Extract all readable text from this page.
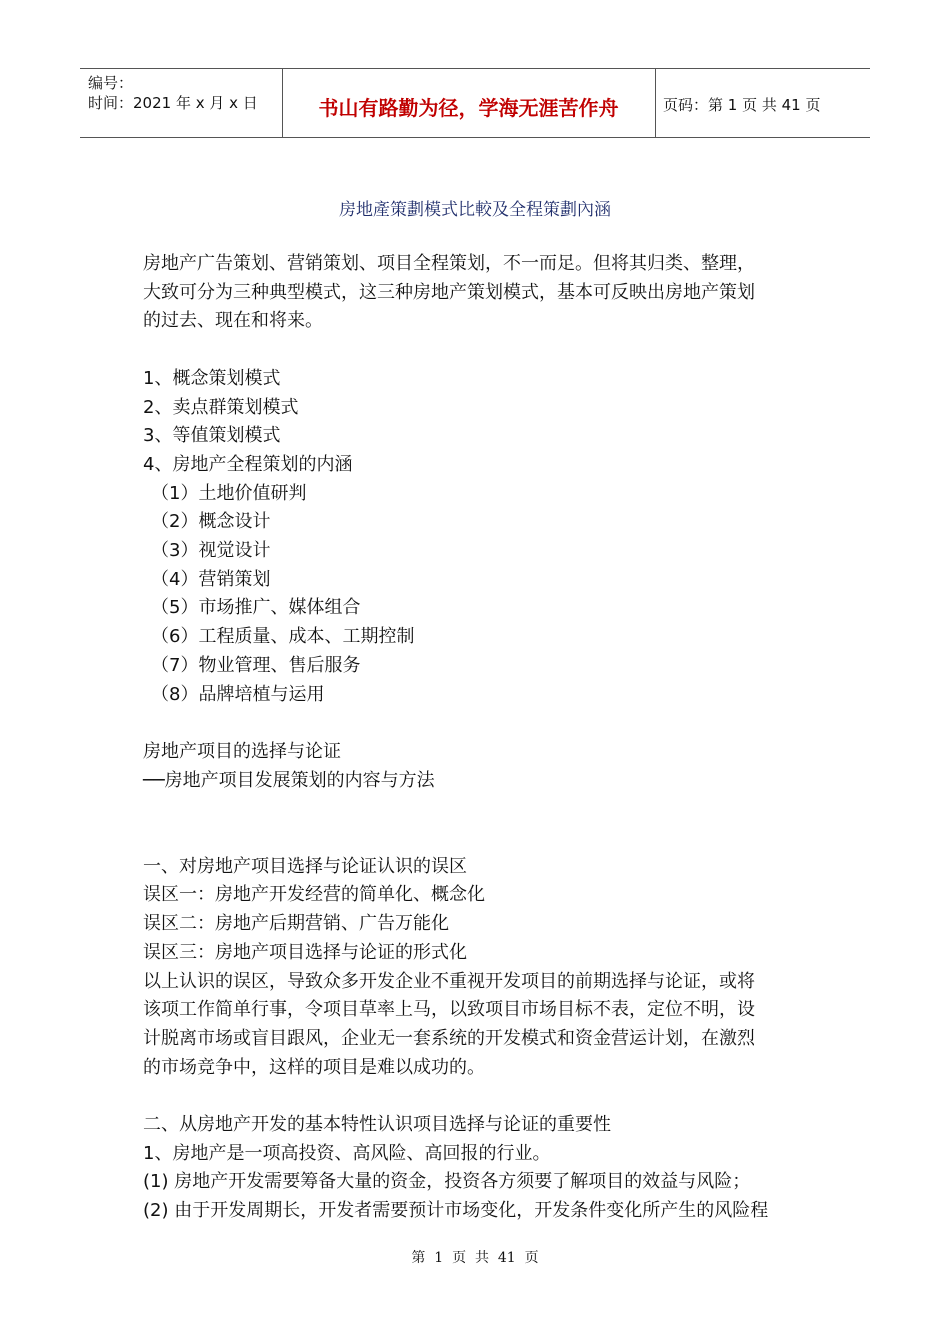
编号：
时间：2021 年 x 月 x 日	书山有路勤为径，学海无涯苦作舟	页码：第 1 页 共 41 页
房地產策劃模式比較及全程策劃內涵

房地产广告策划、营销策划、项目全程策划，不一而足。但将其归类、整理，

大致可分为三种典型模式，这三种房地产策划模式，基本可反映出房地产策划

的过去、现在和将来。

1、概念策划模式

2、卖点群策划模式

3、等值策划模式

4、房地产全程策划的内涵

（1）土地价值研判

（2）概念设计

（3）视觉设计

（4）营销策划

（5）市场推广、媒体组合

（6）工程质量、成本、工期控制

（7）物业管理、售后服务

（8）品牌培植与运用

房地产项目的选择与论证

──房地产项目发展策划的内容与方法

一、对房地产项目选择与论证认识的误区

误区一：房地产开发经营的简单化、概念化

误区二：房地产后期营销、广告万能化

误区三：房地产项目选择与论证的形式化

以上认识的误区，导致众多开发企业不重视开发项目的前期选择与论证，或将

该项工作简单行事，令项目草率上马，以致项目市场目标不表，定位不明，设

计脱离市场或盲目跟风，企业无一套系统的开发模式和资金营运计划，在激烈

的市场竞争中，这样的项目是难以成功的。

二、从房地产开发的基本特性认识项目选择与论证的重要性

1、房地产是一项高投资、高风险、高回报的行业。

(1) 房地产开发需要筹备大量的资金，投资各方须要了解项目的效益与风险；

(2) 由于开发周期长，开发者需要预计市场变化，开发条件变化所产生的风险程

第  1  页  共  41  页
